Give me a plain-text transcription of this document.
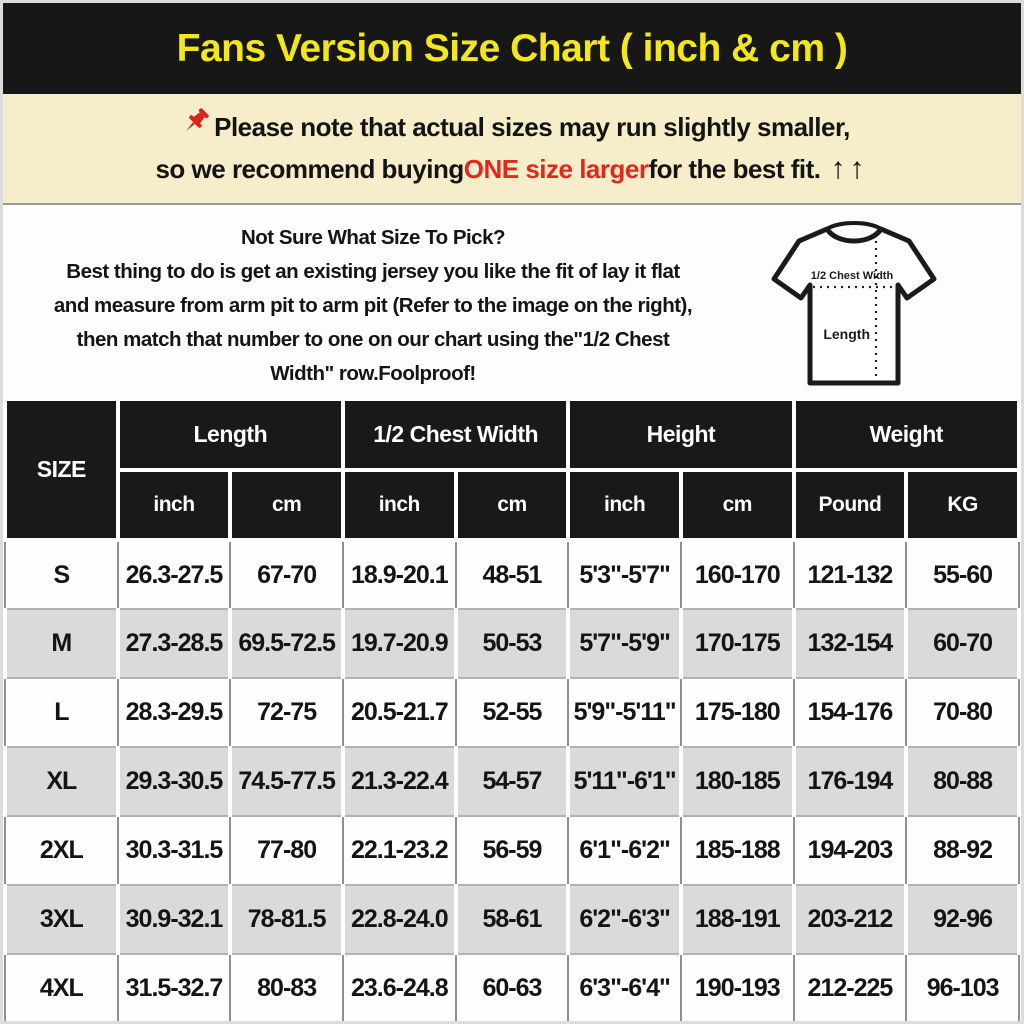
Fans Version Size Chart ( inch & cm )
Please note that actual sizes may run slightly smaller,
so we recommend buying ONE size larger for the best fit. ↑↑
Not Sure What Size To Pick?
Best thing to do is get an existing jersey you like the fit of lay it flat
and measure from arm pit to arm pit (Refer to the image on the right),
then match that number to one on our chart using the"1/2 Chest
Width" row.Foolproof!
1/2 Chest Width
Length
SIZE	Length		1/2 Chest Width		Height		Weight	
	inch	cm	inch	cm	inch	cm	Pound	KG
S	26.3-27.5	67-70	18.9-20.1	48-51	5'3"-5'7"	160-170	121-132	55-60
M	27.3-28.5	69.5-72.5	19.7-20.9	50-53	5'7"-5'9"	170-175	132-154	60-70
L	28.3-29.5	72-75	20.5-21.7	52-55	5'9"-5'11"	175-180	154-176	70-80
XL	29.3-30.5	74.5-77.5	21.3-22.4	54-57	5'11"-6'1"	180-185	176-194	80-88
2XL	30.3-31.5	77-80	22.1-23.2	56-59	6'1"-6'2"	185-188	194-203	88-92
3XL	30.9-32.1	78-81.5	22.8-24.0	58-61	6'2"-6'3"	188-191	203-212	92-96
4XL	31.5-32.7	80-83	23.6-24.8	60-63	6'3"-6'4"	190-193	212-225	96-103
